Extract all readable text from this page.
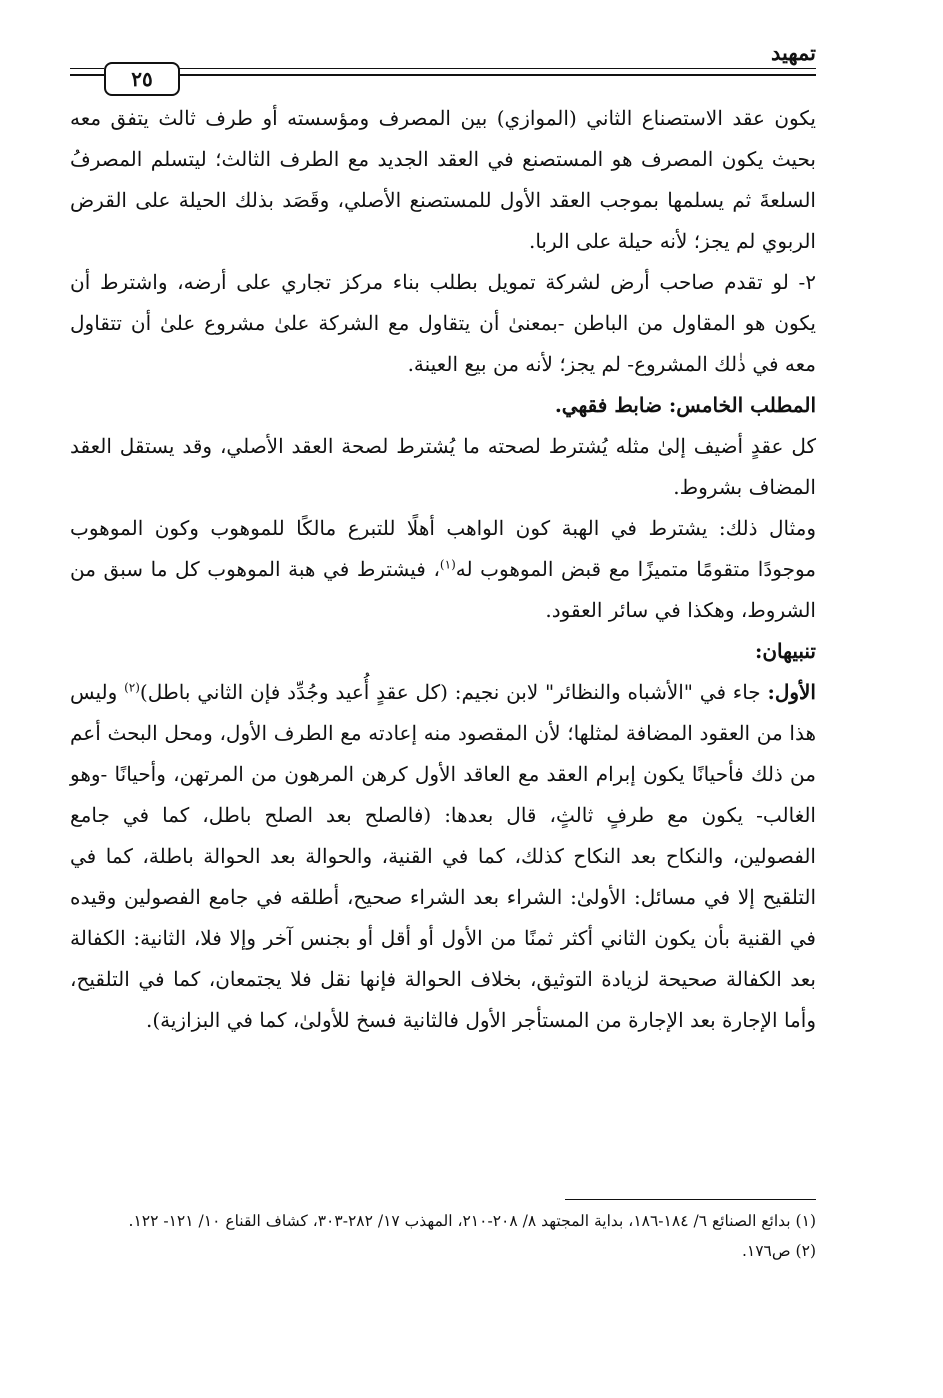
٢٥
تمهيد

يكون عقد الاستصناع الثاني (الموازي) بين المصرف ومؤسسته أو طرف ثالث يتفق معه بحيث يكون المصرف هو المستصنع في العقد الجديد مع الطرف الثالث؛ ليتسلم المصرفُ السلعةَ ثم يسلمها بموجب العقد الأول للمستصنع الأصلي، وقَصَد بذلك الحيلة على القرض الربوي لم يجز؛ لأنه حيلة على الربا.

٢- لو تقدم صاحب أرض لشركة تمويل بطلب بناء مركز تجاري على أرضه، واشترط أن يكون هو المقاول من الباطن -بمعنىٰ أن يتقاول مع الشركة علىٰ مشروع علىٰ أن تتقاول معه في ذٰلك المشروع- لم يجز؛ لأنه من بيع العينة.

المطلب الخامس: ضابط فقهي.

كل عقدٍ أضيف إلىٰ مثله يُشترط لصحته ما يُشترط لصحة العقد الأصلي، وقد يستقل العقد المضاف بشروط.

ومثال ذلك: يشترط في الهبة كون الواهب أهلًا للتبرع مالكًا للموهوب وكون الموهوب موجودًا متقومًا متميزًا مع قبض الموهوب له$^{(١)}$، فيشترط في هبة الموهوب كل ما سبق من الشروط، وهكذا في سائر العقود.

تنبيهان:

الأول: جاء في "الأشباه والنظائر" لابن نجيم: (كل عقدٍ أُعيد وجُدِّد فإن الثاني باطل)$^{(٢)}$ وليس هذا من العقود المضافة لمثلها؛ لأن المقصود منه إعادته مع الطرف الأول، ومحل البحث أعم من ذلك فأحيانًا يكون إبرام العقد مع العاقد الأول كرهن المرهون من المرتهن، وأحيانًا -وهو الغالب- يكون مع طرفٍ ثالثٍ، قال بعدها: (فالصلح بعد الصلح باطل، كما في جامع الفصولين، والنكاح بعد النكاح كذلك، كما في القنية، والحوالة بعد الحوالة باطلة، كما في التلقيح إلا في مسائل: الأولىٰ: الشراء بعد الشراء صحيح، أطلقه في جامع الفصولين وقيده في القنية بأن يكون الثاني أكثر ثمنًا من الأول أو أقل أو بجنس آخر وإلا فلا، الثانية: الكفالة بعد الكفالة صحيحة لزيادة التوثيق، بخلاف الحوالة فإنها نقل فلا يجتمعان، كما في التلقيح، وأما الإجارة بعد الإجارة من المستأجر الأول فالثانية فسخ للأولىٰ، كما في البزازية).

(١) بدائع الصنائع ٦/ ١٨٤-١٨٦، بداية المجتهد ٨/ ٢٠٨-٢١٠، المهذب ١٧/ ٢٨٢-٣٠٣، كشاف القناع ١٠/ ١٢١- ١٢٢.

(٢) ص١٧٦.
